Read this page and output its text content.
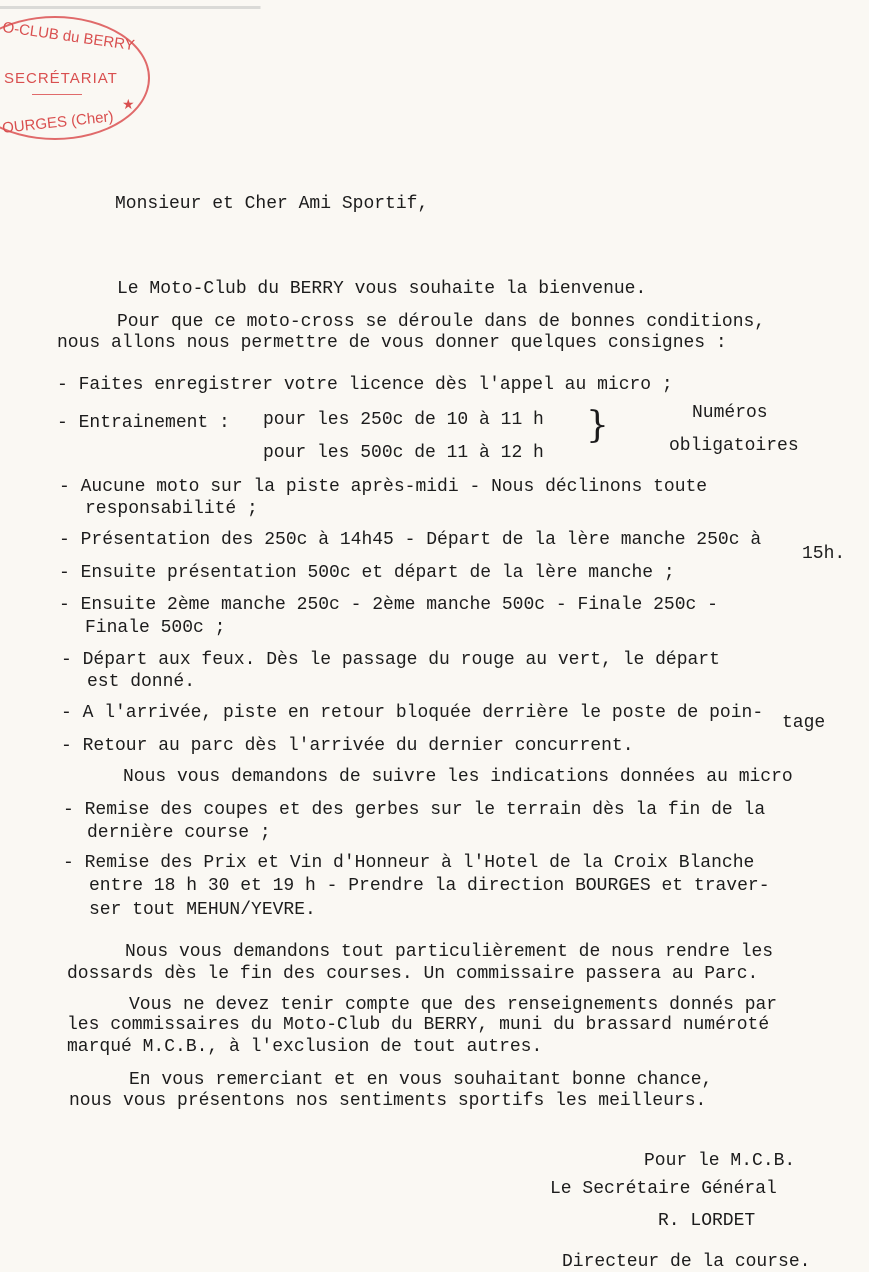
O-CLUB du BERRY
SECRÉTARIAT
OURGES (Cher)
★
Monsieur et Cher Ami Sportif,
Le Moto-Club du BERRY vous souhaite la bienvenue.
Pour que ce moto-cross se déroule dans de bonnes conditions,
nous allons nous permettre de vous donner quelques consignes :
- Faites enregistrer votre licence dès l'appel au micro ;
- Entrainement : pour les 250c de 10 à 11 h
pour les 500c de 11 à 12 h
}	Numéros
obligatoires
- Aucune moto sur la piste après-midi - Nous déclinons toute
responsabilité ;
- Présentation des 250c à 14h45 - Départ de la lère manche 250c à
15h.
- Ensuite présentation 500c et départ de la lère manche ;
- Ensuite 2ème manche 250c - 2ème manche 500c - Finale 250c -
Finale 500c ;
- Départ aux feux. Dès le passage du rouge au vert, le départ
est donné.
- A l'arrivée, piste en retour bloquée derrière le poste de poin- tage
- Retour au parc dès l'arrivée du dernier concurrent.
Nous vous demandons de suivre les indications données au micro
- Remise des coupes et des gerbes sur le terrain dès la fin de la
dernière course ;
- Remise des Prix et Vin d'Honneur à l'Hotel de la Croix Blanche
entre 18 h 30 et 19 h - Prendre la direction BOURGES et traver-
ser tout MEHUN/YEVRE.
Nous vous demandons tout particulièrement de nous rendre les
dossards dès le fin des courses. Un commissaire passera au Parc.
Vous ne devez tenir compte que des renseignements donnés par
les commissaires du Moto-Club du BERRY, muni du brassard numéroté
marqué M.C.B., à l'exclusion de tout autres.
En vous remerciant et en vous souhaitant bonne chance,
nous vous présentons nos sentiments sportifs les meilleurs.
Pour le M.C.B.
Le Secrétaire Général
R. LORDET
Directeur de la course.
